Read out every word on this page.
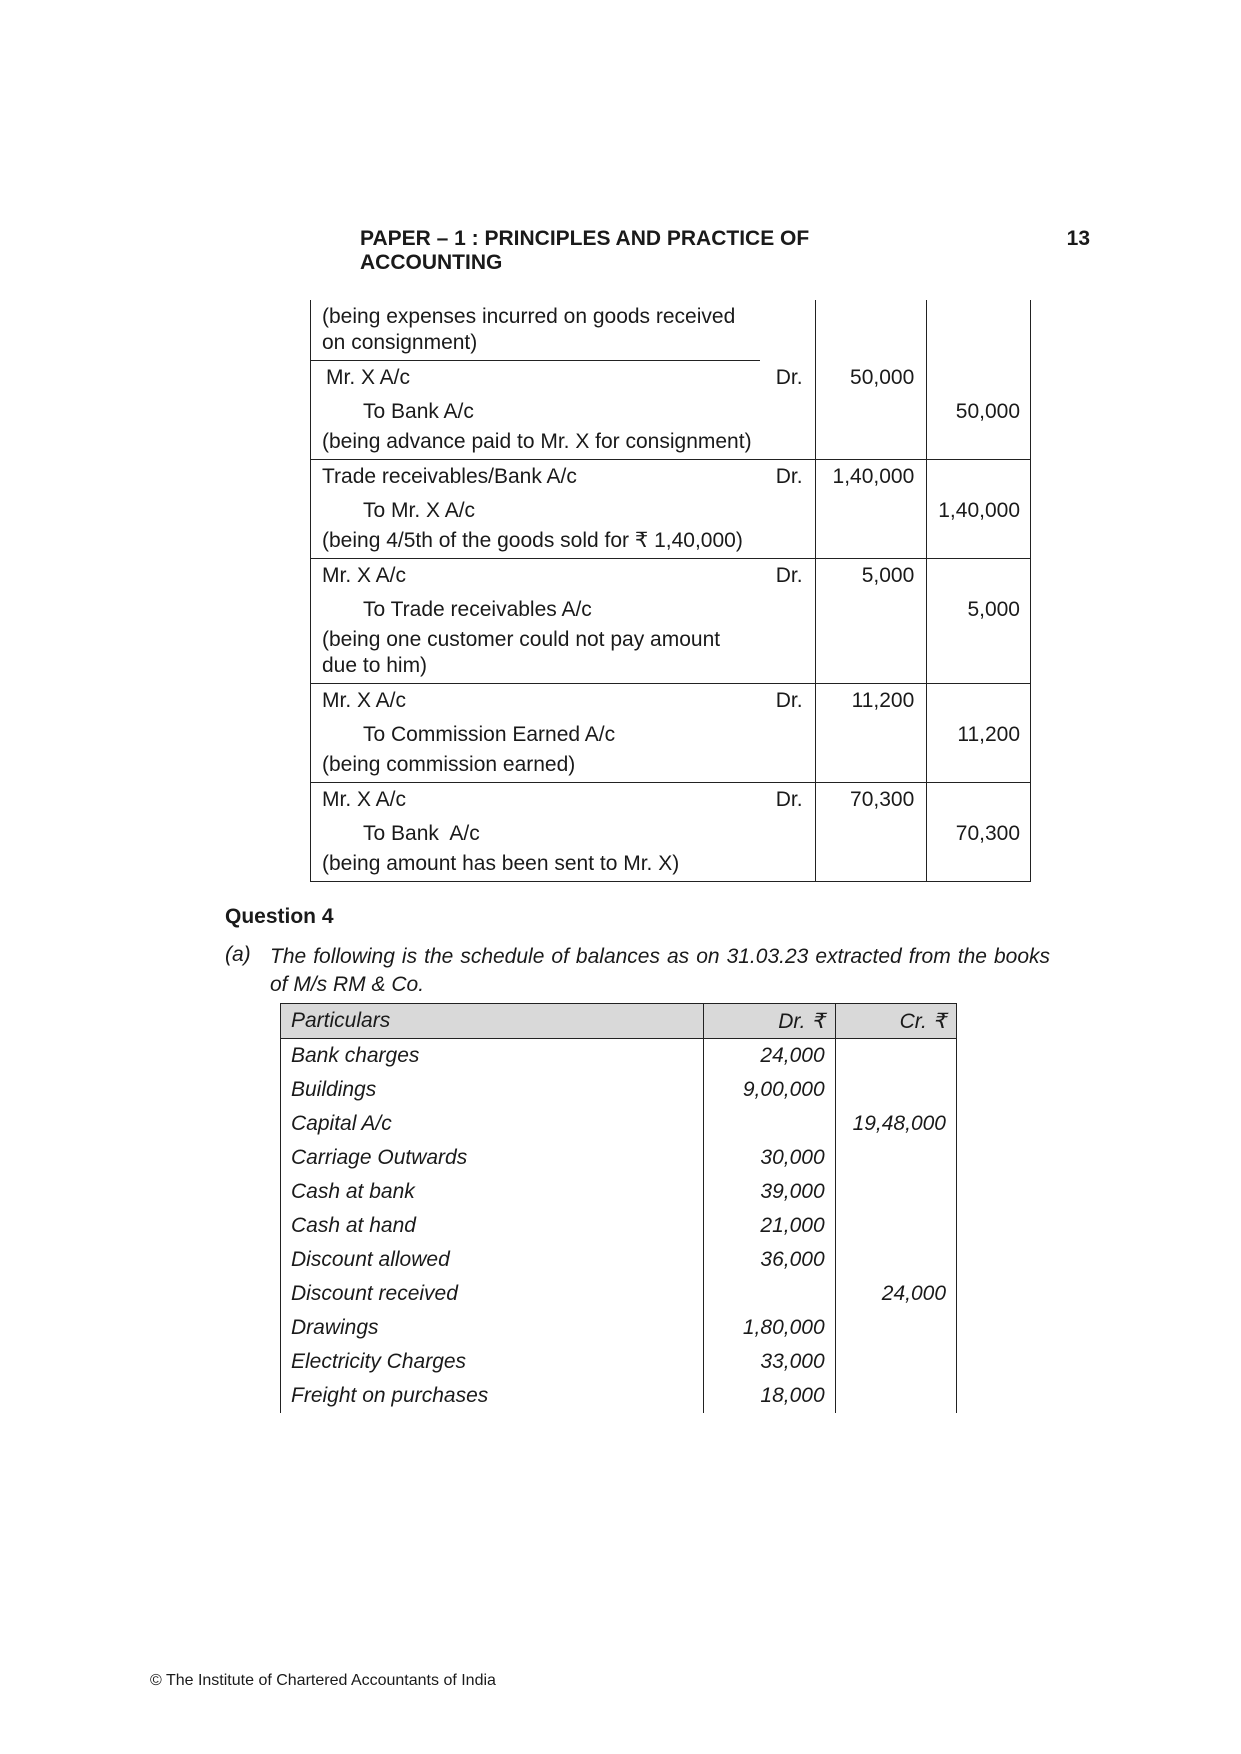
PAPER – 1 : PRINCIPLES AND PRACTICE OF ACCOUNTING
13
(being expenses incurred on goods received on consignment)
Mr. X A/c	Dr.	50,000
To Bank A/c	50,000
(being advance paid to Mr. X for consignment)
Trade receivables/Bank A/c	Dr.	1,40,000
To Mr. X A/c	1,40,000
(being 4/5th of the goods sold for ₹ 1,40,000)
Mr. X A/c	Dr.	5,000
To Trade receivables A/c	5,000
(being one customer could not pay amount due to him)
Mr. X A/c	Dr.	11,200
To Commission Earned A/c	11,200
(being commission earned)
Mr. X A/c	Dr.	70,300
To Bank  A/c	70,300
(being amount has been sent to Mr. X)
Question 4
(a) The following is the schedule of balances as on 31.03.23 extracted from the books of M/s RM & Co.
Particulars	Dr. ₹	Cr. ₹
Bank charges	24,000	
Buildings	9,00,000	
Capital A/c		19,48,000
Carriage Outwards	30,000	
Cash at bank	39,000	
Cash at hand	21,000	
Discount allowed	36,000	
Discount received		24,000
Drawings	1,80,000	
Electricity Charges	33,000	
Freight on purchases	18,000	
© The Institute of Chartered Accountants of India
